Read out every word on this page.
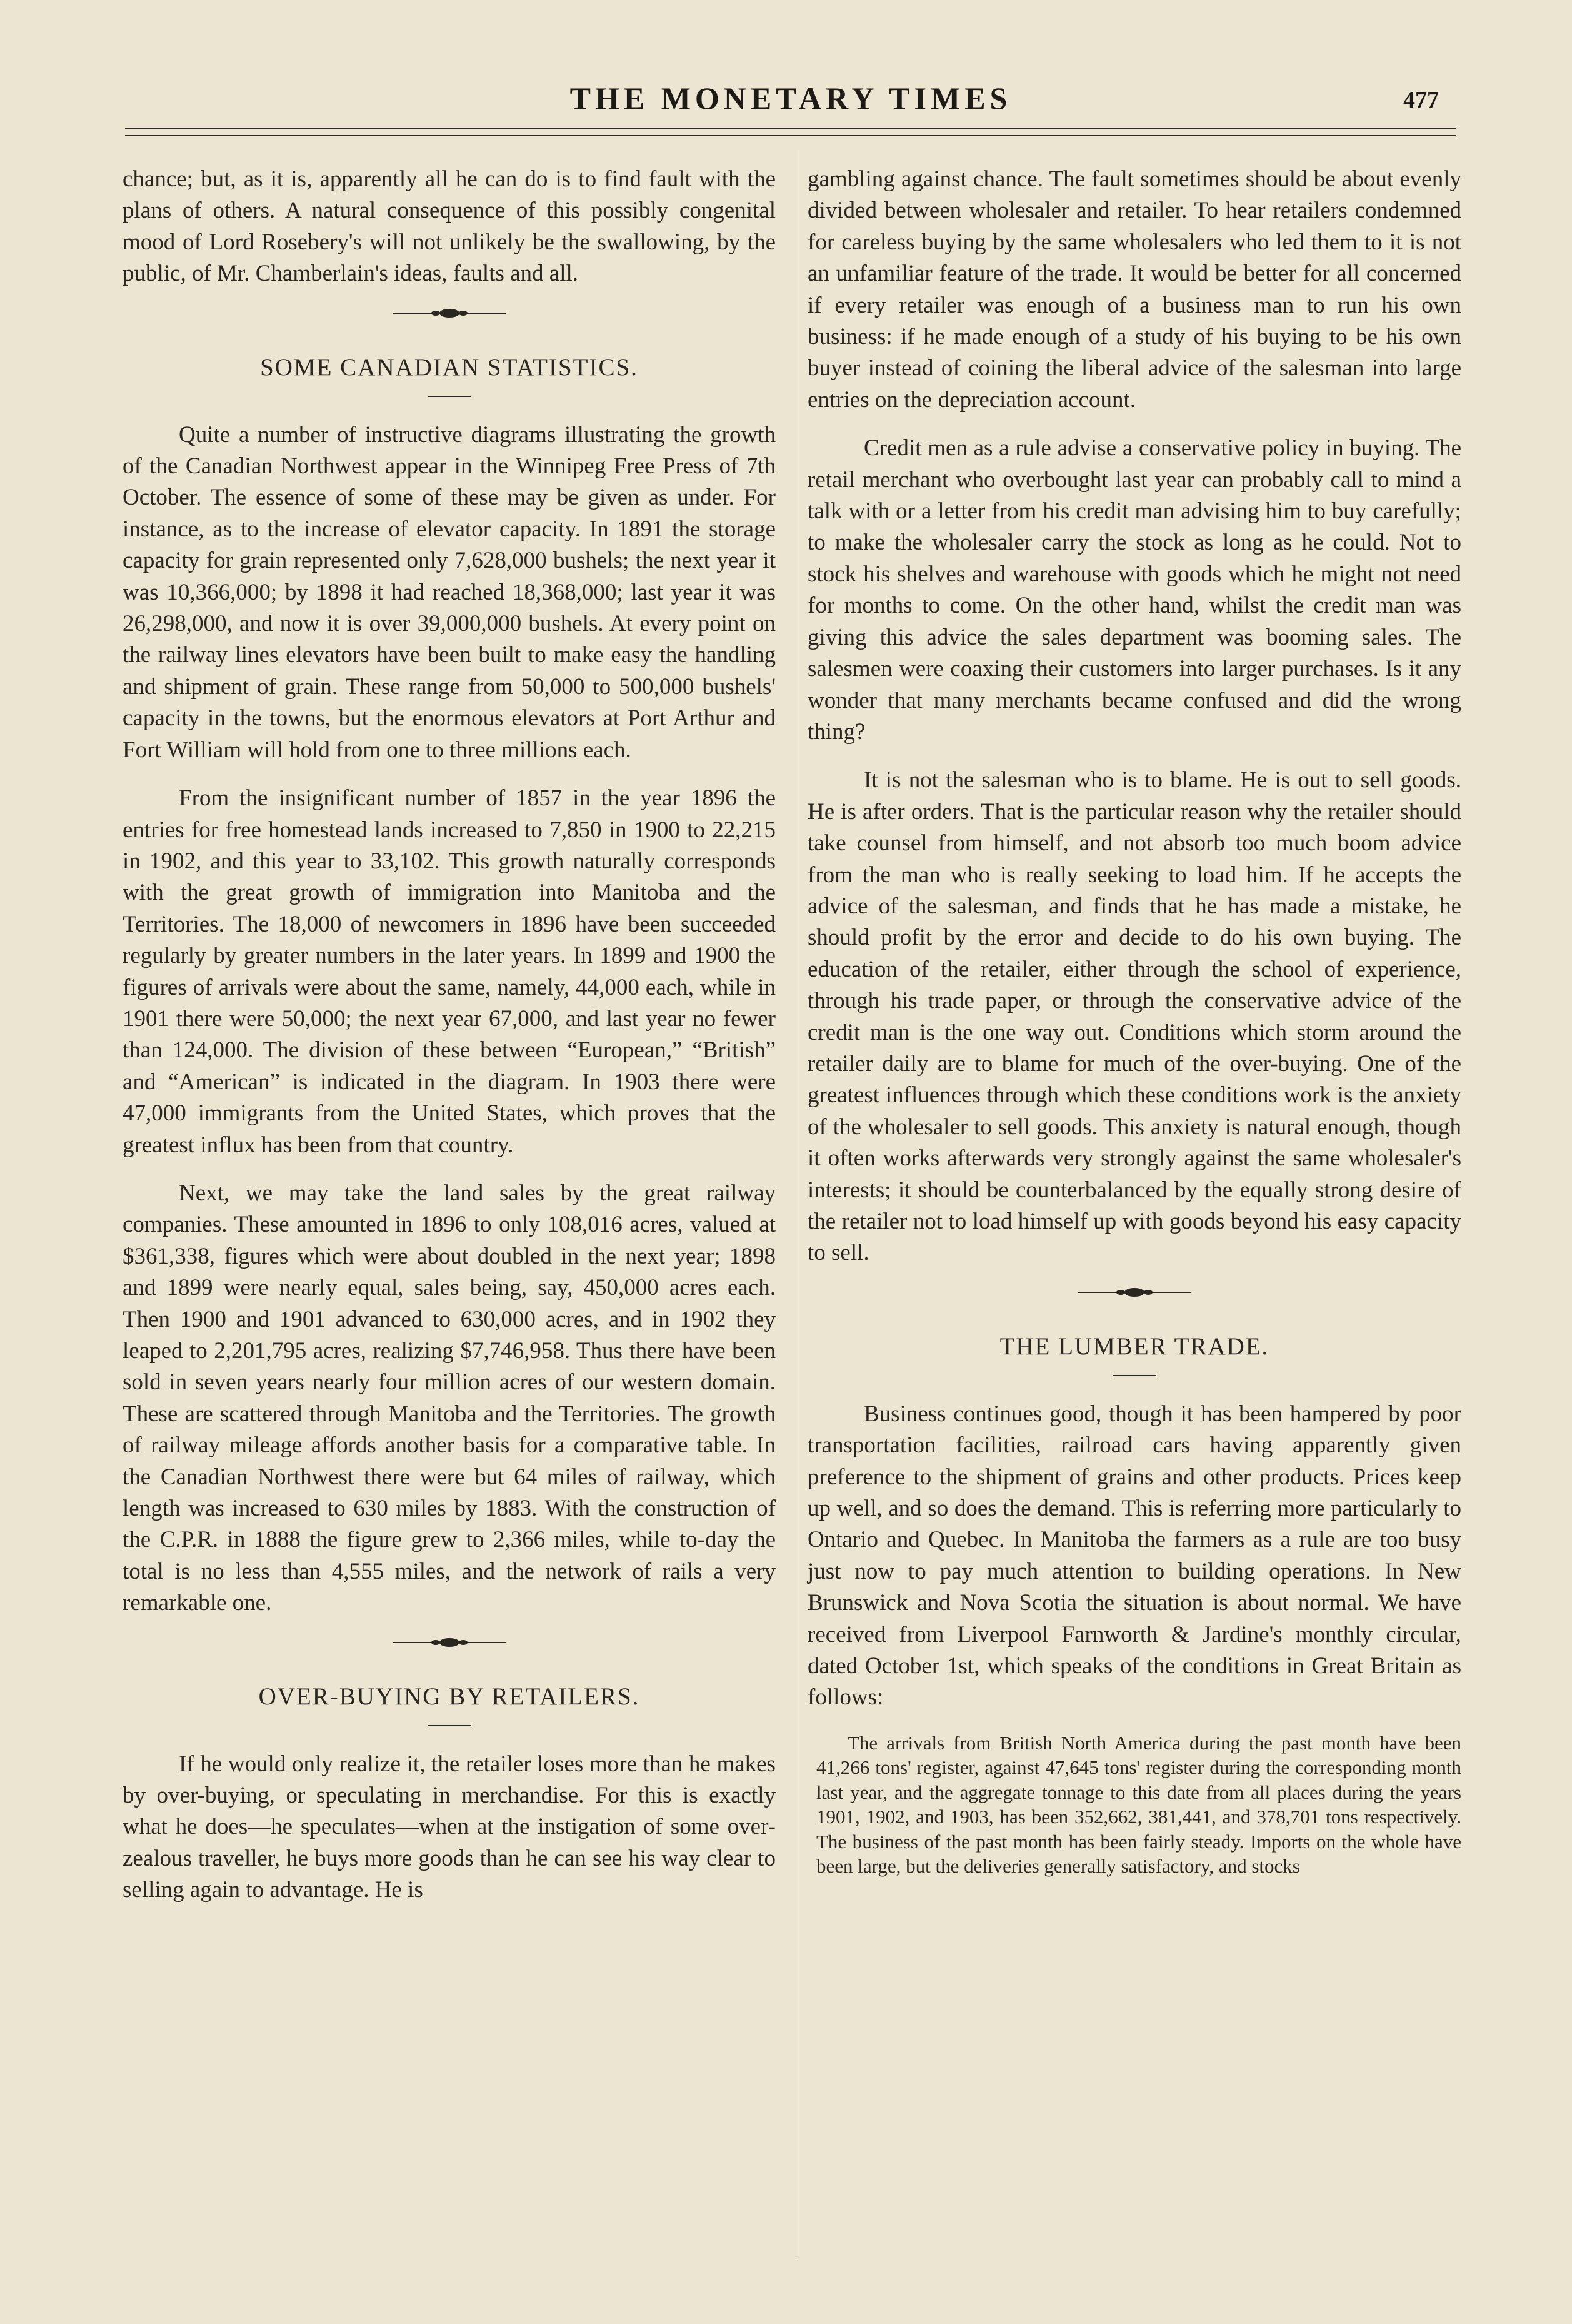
THE MONETARY TIMES	477

chance; but, as it is, apparently all he can do is to find fault with the plans of others. A natural consequence of this possibly congenital mood of Lord Rosebery's will not unlikely be the swallowing, by the public, of Mr. Chamberlain's ideas, faults and all.

SOME CANADIAN STATISTICS.

Quite a number of instructive diagrams illustrating the growth of the Canadian Northwest appear in the Winnipeg Free Press of 7th October. The essence of some of these may be given as under. For instance, as to the increase of elevator capacity. In 1891 the storage capacity for grain represented only 7,628,000 bushels; the next year it was 10,366,000; by 1898 it had reached 18,368,000; last year it was 26,298,000, and now it is over 39,000,000 bushels. At every point on the railway lines elevators have been built to make easy the handling and shipment of grain. These range from 50,000 to 500,000 bushels' capacity in the towns, but the enormous elevators at Port Arthur and Fort William will hold from one to three millions each.

From the insignificant number of 1857 in the year 1896 the entries for free homestead lands increased to 7,850 in 1900 to 22,215 in 1902, and this year to 33,102. This growth naturally corresponds with the great growth of immigration into Manitoba and the Territories. The 18,000 of newcomers in 1896 have been succeeded regularly by greater numbers in the later years. In 1899 and 1900 the figures of arrivals were about the same, namely, 44,000 each, while in 1901 there were 50,000; the next year 67,000, and last year no fewer than 124,000. The division of these between “European,” “British” and “American” is indicated in the diagram. In 1903 there were 47,000 immigrants from the United States, which proves that the greatest influx has been from that country.

Next, we may take the land sales by the great railway companies. These amounted in 1896 to only 108,016 acres, valued at $361,338, figures which were about doubled in the next year; 1898 and 1899 were nearly equal, sales being, say, 450,000 acres each. Then 1900 and 1901 advanced to 630,000 acres, and in 1902 they leaped to 2,201,795 acres, realizing $7,746,958. Thus there have been sold in seven years nearly four million acres of our western domain. These are scattered through Manitoba and the Territories. The growth of railway mileage affords another basis for a comparative table. In the Canadian Northwest there were but 64 miles of railway, which length was increased to 630 miles by 1883. With the construction of the C.P.R. in 1888 the figure grew to 2,366 miles, while to-day the total is no less than 4,555 miles, and the network of rails a very remarkable one.

OVER-BUYING BY RETAILERS.

If he would only realize it, the retailer loses more than he makes by over-buying, or speculating in merchandise. For this is exactly what he does—he speculates—when at the instigation of some over-zealous traveller, he buys more goods than he can see his way clear to selling again to advantage. He is

gambling against chance. The fault sometimes should be about evenly divided between wholesaler and retailer. To hear retailers condemned for careless buying by the same wholesalers who led them to it is not an unfamiliar feature of the trade. It would be better for all concerned if every retailer was enough of a business man to run his own business: if he made enough of a study of his buying to be his own buyer instead of coining the liberal advice of the salesman into large entries on the depreciation account.

Credit men as a rule advise a conservative policy in buying. The retail merchant who overbought last year can probably call to mind a talk with or a letter from his credit man advising him to buy carefully; to make the wholesaler carry the stock as long as he could. Not to stock his shelves and warehouse with goods which he might not need for months to come. On the other hand, whilst the credit man was giving this advice the sales department was booming sales. The salesmen were coaxing their customers into larger purchases. Is it any wonder that many merchants became confused and did the wrong thing?

It is not the salesman who is to blame. He is out to sell goods. He is after orders. That is the particular reason why the retailer should take counsel from himself, and not absorb too much boom advice from the man who is really seeking to load him. If he accepts the advice of the salesman, and finds that he has made a mistake, he should profit by the error and decide to do his own buying. The education of the retailer, either through the school of experience, through his trade paper, or through the conservative advice of the credit man is the one way out. Conditions which storm around the retailer daily are to blame for much of the over-buying. One of the greatest influences through which these conditions work is the anxiety of the wholesaler to sell goods. This anxiety is natural enough, though it often works afterwards very strongly against the same wholesaler's interests; it should be counterbalanced by the equally strong desire of the retailer not to load himself up with goods beyond his easy capacity to sell.

THE LUMBER TRADE.

Business continues good, though it has been hampered by poor transportation facilities, railroad cars having apparently given preference to the shipment of grains and other products. Prices keep up well, and so does the demand. This is referring more particularly to Ontario and Quebec. In Manitoba the farmers as a rule are too busy just now to pay much attention to building operations. In New Brunswick and Nova Scotia the situation is about normal. We have received from Liverpool Farnworth & Jardine's monthly circular, dated October 1st, which speaks of the conditions in Great Britain as follows:

The arrivals from British North America during the past month have been 41,266 tons' register, against 47,645 tons' register during the corresponding month last year, and the aggregate tonnage to this date from all places during the years 1901, 1902, and 1903, has been 352,662, 381,441, and 378,701 tons respectively. The business of the past month has been fairly steady. Imports on the whole have been large, but the deliveries generally satisfactory, and stocks
